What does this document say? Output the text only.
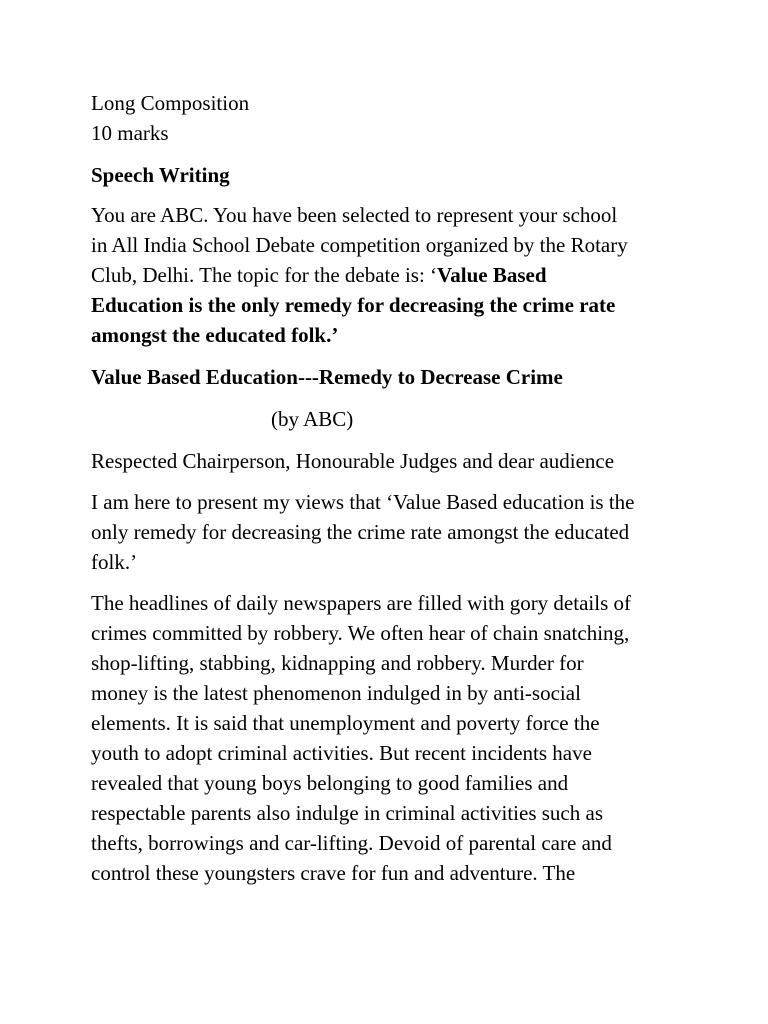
Long Composition
10 marks
Speech Writing
You are ABC. You have been selected to represent your school
in All India School Debate competition organized by the Rotary
Club, Delhi. The topic for the debate is: ‘Value Based
Education is the only remedy for decreasing the crime rate
amongst the educated folk.’
Value Based Education---Remedy to Decrease Crime
(by ABC)
Respected Chairperson, Honourable Judges and dear audience
I am here to present my views that ‘Value Based education is the
only remedy for decreasing the crime rate amongst the educated
folk.’
The headlines of daily newspapers are filled with gory details of
crimes committed by robbery. We often hear of chain snatching,
shop-lifting, stabbing, kidnapping and robbery. Murder for
money is the latest phenomenon indulged in by anti-social
elements. It is said that unemployment and poverty force the
youth to adopt criminal activities. But recent incidents have
revealed that young boys belonging to good families and
respectable parents also indulge in criminal activities such as
thefts, borrowings and car-lifting. Devoid of parental care and
control these youngsters crave for fun and adventure. The
